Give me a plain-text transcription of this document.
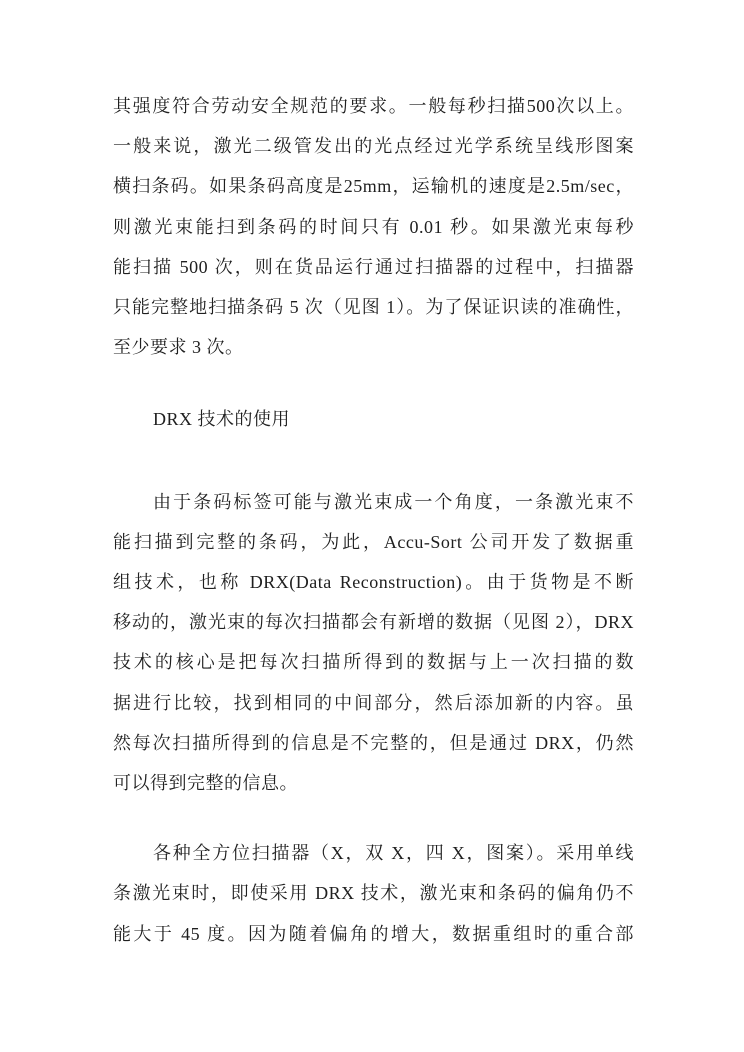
其强度符合劳动安全规范的要求。一般每秒扫描500次以上。
一般来说，激光二级管发出的光点经过光学系统呈线形图案
横扫条码。如果条码高度是25mm，运输机的速度是2.5m/sec，
则激光束能扫到条码的时间只有 0.01 秒。如果激光束每秒
能扫描 500 次，则在货品运行通过扫描器的过程中，扫描器
只能完整地扫描条码 5 次（见图 1）。为了保证识读的准确性，
至少要求 3 次。
DRX 技术的使用
由于条码标签可能与激光束成一个角度，一条激光束不
能扫描到完整的条码，为此，Accu-Sort 公司开发了数据重
组技术，也称 DRX(Data Reconstruction)。由于货物是不断
移动的，激光束的每次扫描都会有新增的数据（见图 2），DRX
技术的核心是把每次扫描所得到的数据与上一次扫描的数
据进行比较，找到相同的中间部分，然后添加新的内容。虽
然每次扫描所得到的信息是不完整的，但是通过 DRX，仍然
可以得到完整的信息。
各种全方位扫描器（X，双 X，四 X，图案）。采用单线
条激光束时，即使采用 DRX 技术，激光束和条码的偏角仍不
能大于 45 度。因为随着偏角的增大，数据重组时的重合部
